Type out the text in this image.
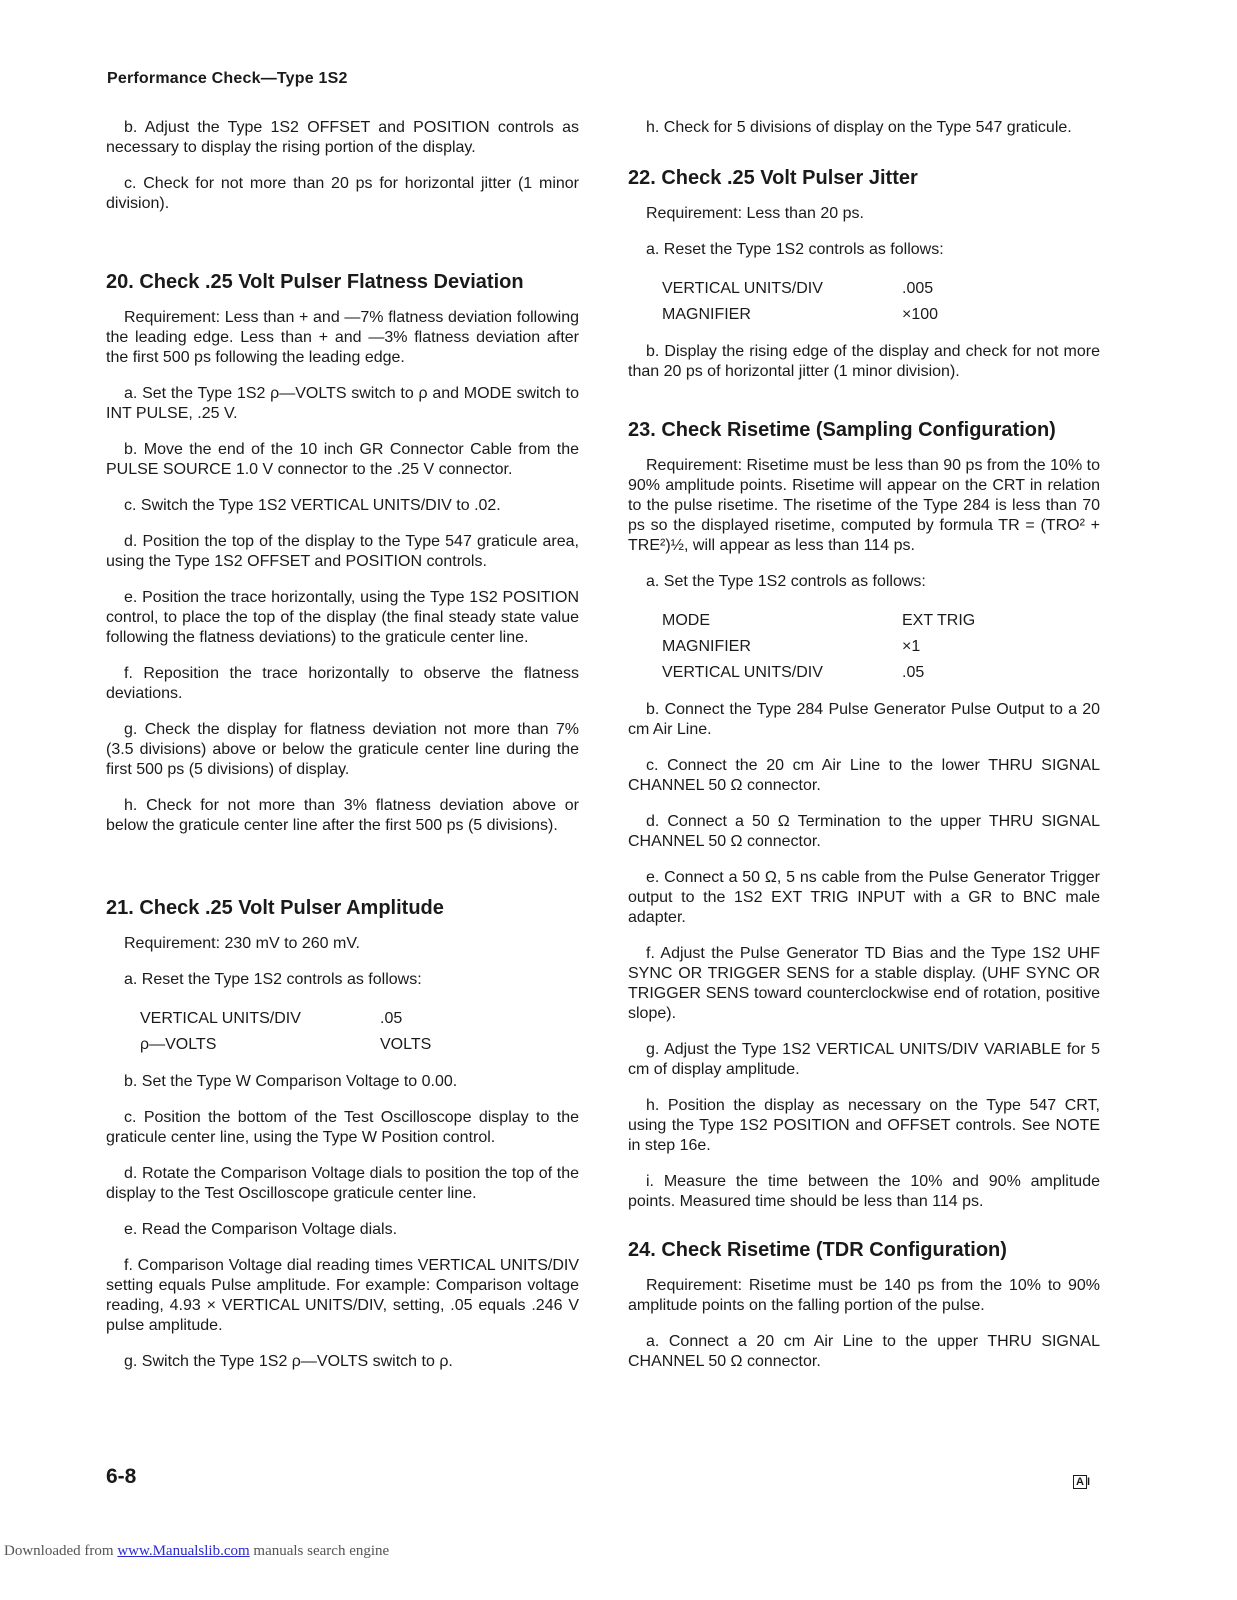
Performance Check—Type 1S2

b. Adjust the Type 1S2 OFFSET and POSITION controls as necessary to display the rising portion of the display.

c. Check for not more than 20 ps for horizontal jitter (1 minor division).

20. Check .25 Volt Pulser Flatness Deviation

Requirement: Less than + and —7% flatness deviation following the leading edge. Less than + and —3% flatness deviation after the first 500 ps following the leading edge.

a. Set the Type 1S2 ρ—VOLTS switch to ρ and MODE switch to INT PULSE, .25 V.

b. Move the end of the 10 inch GR Connector Cable from the PULSE SOURCE 1.0 V connector to the .25 V connector.

c. Switch the Type 1S2 VERTICAL UNITS/DIV to .02.

d. Position the top of the display to the Type 547 graticule area, using the Type 1S2 OFFSET and POSITION controls.

e. Position the trace horizontally, using the Type 1S2 POSITION control, to place the top of the display (the final steady state value following the flatness deviations) to the graticule center line.

f. Reposition the trace horizontally to observe the flatness deviations.

g. Check the display for flatness deviation not more than 7% (3.5 divisions) above or below the graticule center line during the first 500 ps (5 divisions) of display.

h. Check for not more than 3% flatness deviation above or below the graticule center line after the first 500 ps (5 divisions).

21. Check .25 Volt Pulser Amplitude

Requirement: 230 mV to 260 mV.

a. Reset the Type 1S2 controls as follows:

VERTICAL UNITS/DIV	.05
ρ—VOLTS	VOLTS

b. Set the Type W Comparison Voltage to 0.00.

c. Position the bottom of the Test Oscilloscope display to the graticule center line, using the Type W Position control.

d. Rotate the Comparison Voltage dials to position the top of the display to the Test Oscilloscope graticule center line.

e. Read the Comparison Voltage dials.

f. Comparison Voltage dial reading times VERTICAL UNITS/DIV setting equals Pulse amplitude. For example: Comparison voltage reading, 4.93 × VERTICAL UNITS/DIV, setting, .05 equals .246 V pulse amplitude.

g. Switch the Type 1S2 ρ—VOLTS switch to ρ.

h. Check for 5 divisions of display on the Type 547 graticule.

22. Check .25 Volt Pulser Jitter

Requirement: Less than 20 ps.

a. Reset the Type 1S2 controls as follows:

VERTICAL UNITS/DIV	.005
MAGNIFIER	×100

b. Display the rising edge of the display and check for not more than 20 ps of horizontal jitter (1 minor division).

23. Check Risetime (Sampling Configuration)

Requirement: Risetime must be less than 90 ps from the 10% to 90% amplitude points. Risetime will appear on the CRT in relation to the pulse risetime. The risetime of the Type 284 is less than 70 ps so the displayed risetime, computed by formula TR = (TRO² + TRE²)½, will appear as less than 114 ps.

a. Set the Type 1S2 controls as follows:

MODE	EXT TRIG
MAGNIFIER	×1
VERTICAL UNITS/DIV	.05

b. Connect the Type 284 Pulse Generator Pulse Output to a 20 cm Air Line.

c. Connect the 20 cm Air Line to the lower THRU SIGNAL CHANNEL 50 Ω connector.

d. Connect a 50 Ω Termination to the upper THRU SIGNAL CHANNEL 50 Ω connector.

e. Connect a 50 Ω, 5 ns cable from the Pulse Generator Trigger output to the 1S2 EXT TRIG INPUT with a GR to BNC male adapter.

f. Adjust the Pulse Generator TD Bias and the Type 1S2 UHF SYNC OR TRIGGER SENS for a stable display. (UHF SYNC OR TRIGGER SENS toward counterclockwise end of rotation, positive slope).

g. Adjust the Type 1S2 VERTICAL UNITS/DIV VARIABLE for 5 cm of display amplitude.

h. Position the display as necessary on the Type 547 CRT, using the Type 1S2 POSITION and OFFSET controls. See NOTE in step 16e.

i. Measure the time between the 10% and 90% amplitude points. Measured time should be less than 114 ps.

24. Check Risetime (TDR Configuration)

Requirement: Risetime must be 140 ps from the 10% to 90% amplitude points on the falling portion of the pulse.

a. Connect a 20 cm Air Line to the upper THRU SIGNAL CHANNEL 50 Ω connector.

6-8	A I
Downloaded from www.Manualslib.com manuals search engine
